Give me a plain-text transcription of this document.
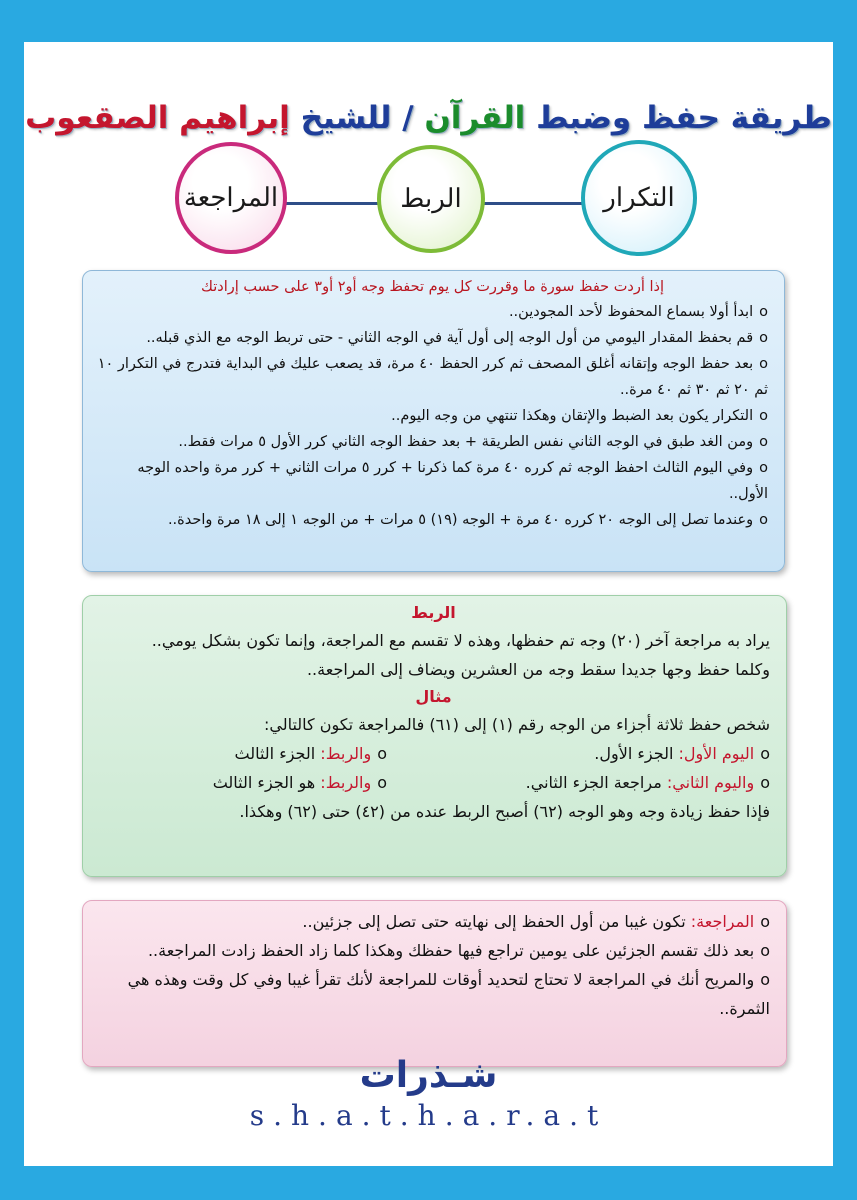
طريقة حفظ وضبط القرآن / للشيخ إبراهيم الصقعوب
التكرار
الربط
المراجعة
إذا أردت حفظ سورة ما وقررت كل يوم تحفظ وجه أو٢ أو٣ على حسب إرادتك
oابدأ أولا بسماع المحفوظ لأحد المجودين..
oقم بحفظ المقدار اليومي من أول الوجه إلى أول آية في الوجه الثاني - حتى تربط الوجه مع الذي قبله..
oبعد حفظ الوجه وإتقانه أغلق المصحف ثم كرر الحفظ ٤٠ مرة، قد يصعب عليك في البداية فتدرج في التكرار ١٠ ثم ٢٠ ثم ٣٠ ثم ٤٠ مرة..
oالتكرار يكون بعد الضبط والإتقان وهكذا تنتهي من وجه اليوم..
oومن الغد طبق في الوجه الثاني نفس الطريقة + بعد حفظ الوجه الثاني كرر الأول ٥ مرات فقط..
oوفي اليوم الثالث احفظ الوجه ثم كرره ٤٠ مرة كما ذكرنا + كرر ٥ مرات الثاني + كرر مرة واحده الوجه الأول..
oوعندما تصل إلى الوجه ٢٠ كرره ٤٠ مرة + الوجه (١٩) ٥ مرات + من الوجه ١ إلى ١٨ مرة واحدة..
الربط
يراد به مراجعة آخر (٢٠) وجه تم حفظها، وهذه لا تقسم مع المراجعة، وإنما تكون بشكل يومي..
وكلما حفظ وجها جديدا سقط وجه من العشرين ويضاف إلى المراجعة..
مثال
شخص حفظ ثلاثة أجزاء من الوجه رقم (١) إلى (٦١) فالمراجعة تكون كالتالي:
oاليوم الأول: الجزء الأول.
oوالربط: الجزء الثالث
oواليوم الثاني: مراجعة الجزء الثاني.
oوالربط: هو الجزء الثالث
فإذا حفظ زيادة وجه وهو الوجه (٦٢) أصبح الربط عنده من (٤٢) حتى (٦٢) وهكذا.
oالمراجعة: تكون غيبا من أول الحفظ إلى نهايته حتى تصل إلى جزئين..
oبعد ذلك تقسم الجزئين على يومين تراجع فيها حفظك وهكذا كلما زاد الحفظ زادت المراجعة..
oوالمريح أنك في المراجعة لا تحتاج لتحديد أوقات للمراجعة لأنك تقرأ غيبا وفي كل وقت وهذه هي الثمرة..
شـذرات
s.h.a.t.h.a.r.a.t
